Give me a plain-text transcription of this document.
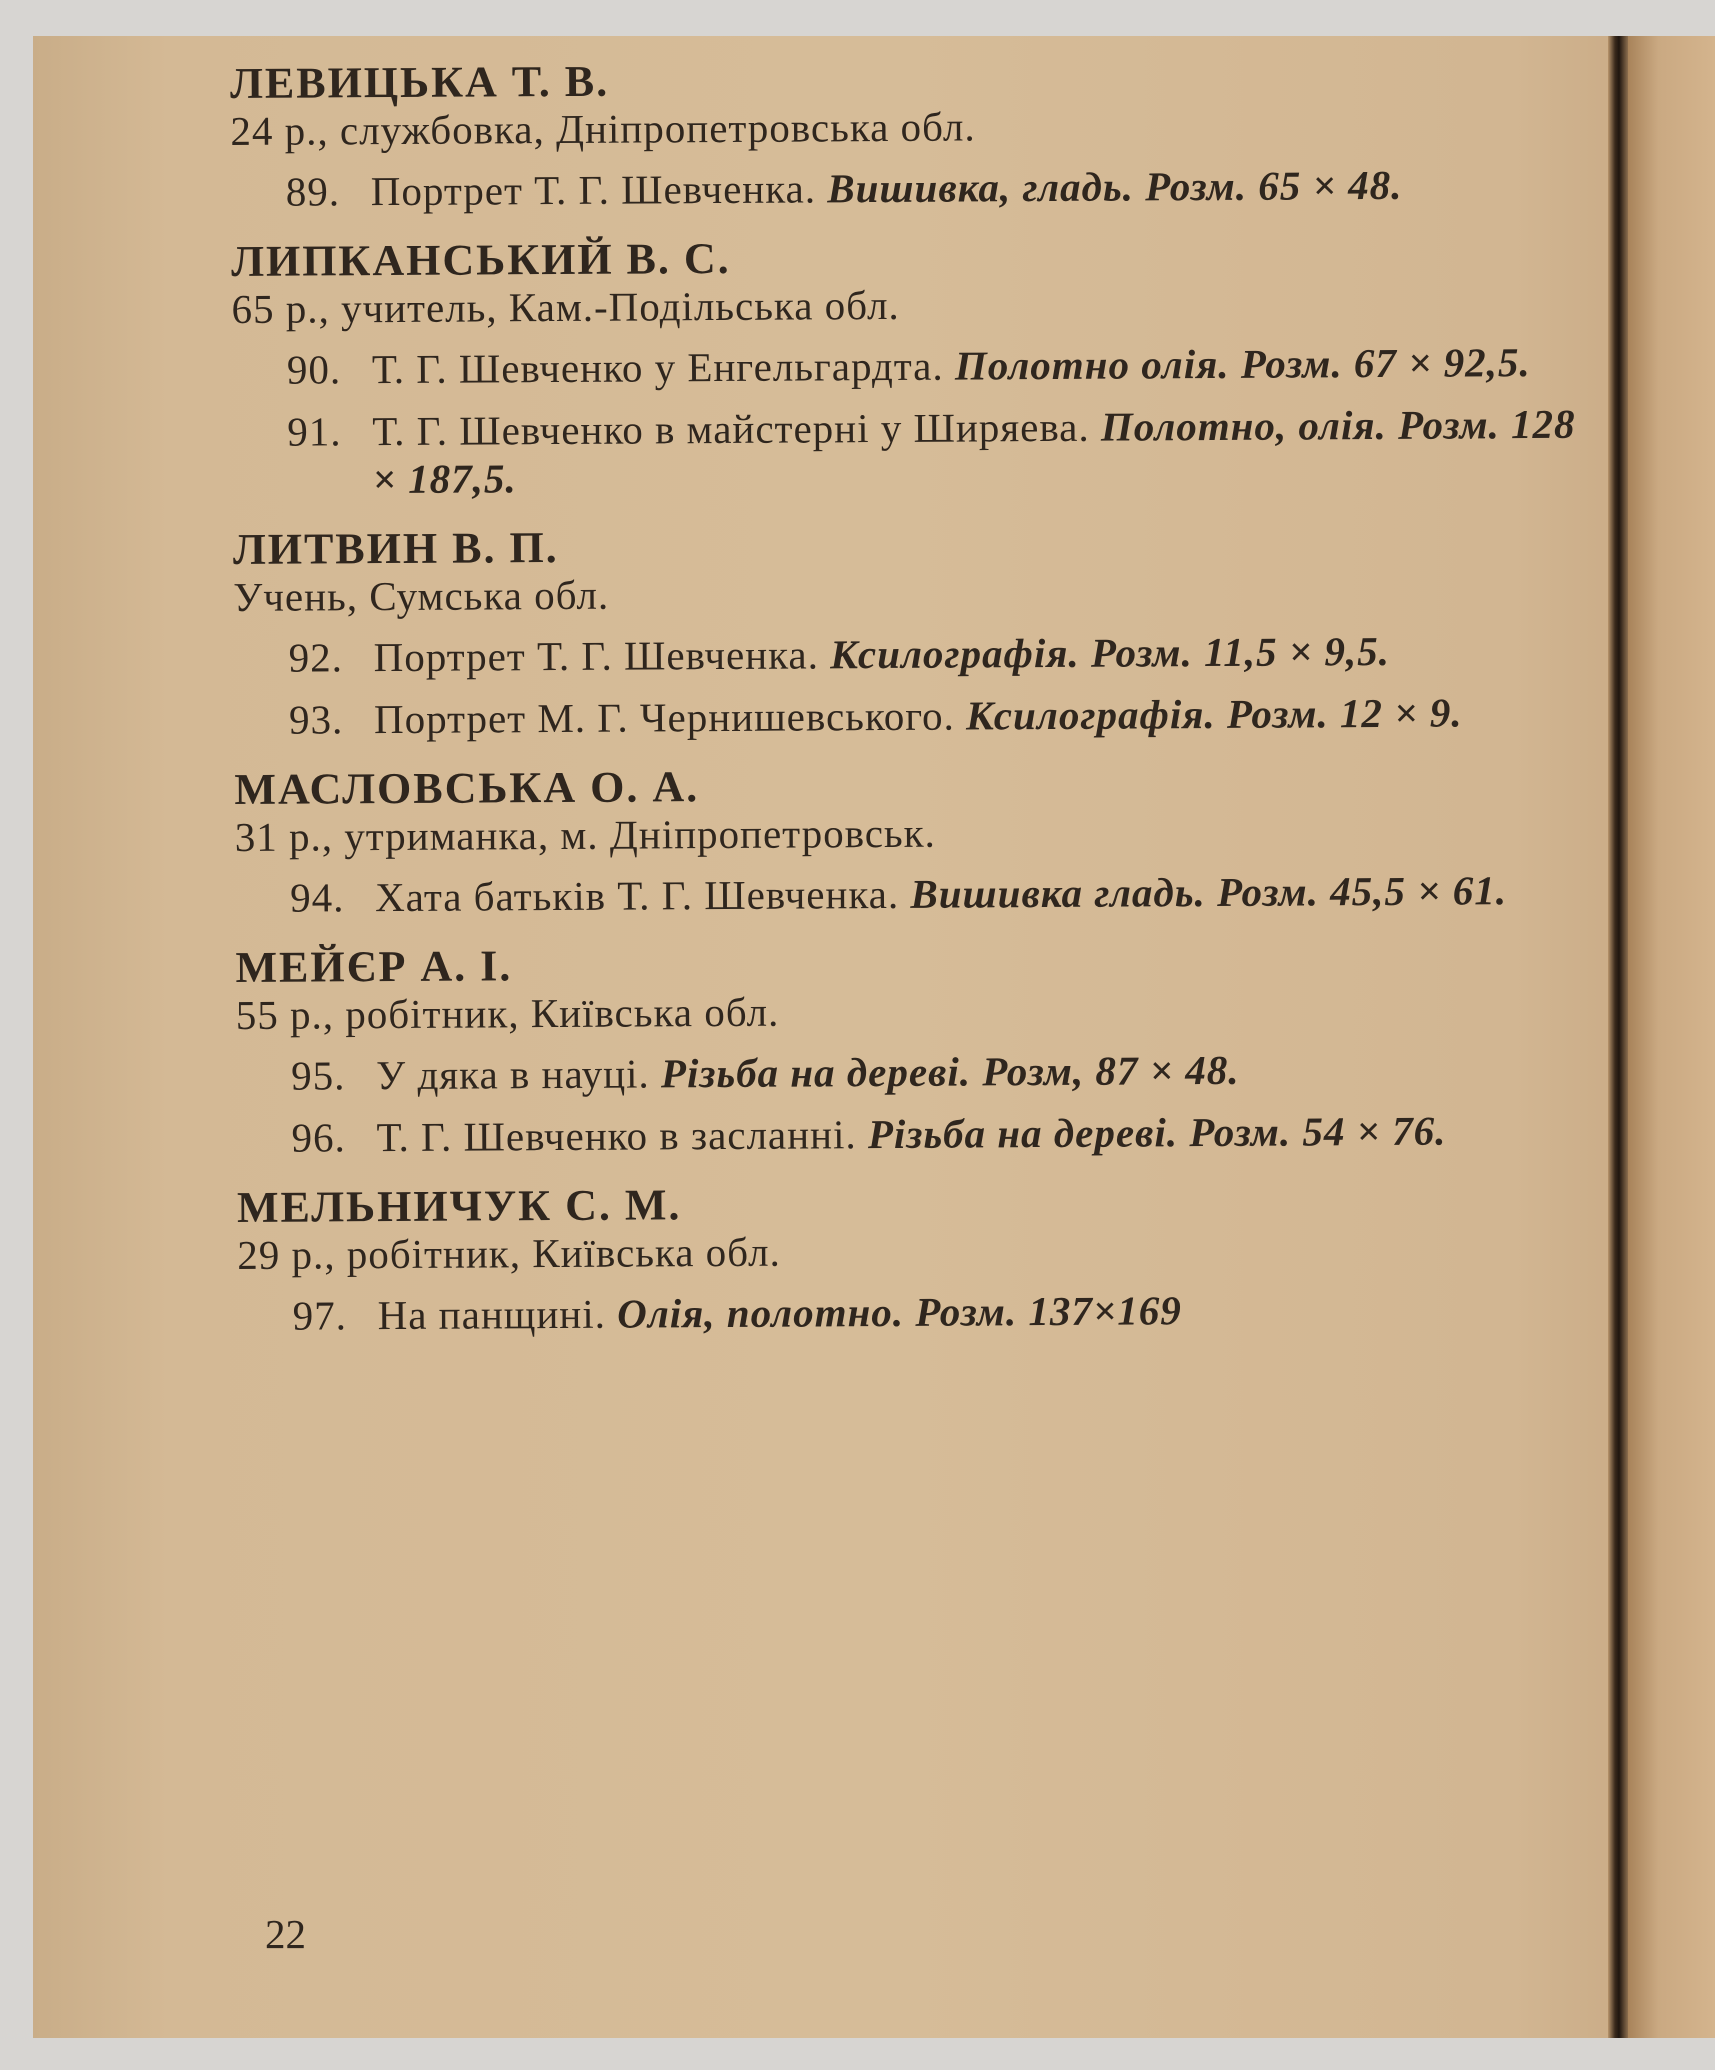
ЛЕВИЦЬКА Т. В.
24 р., службовка, Дніпропетровська обл.
89. Портрет Т. Г. Шевченка. Вишивка, гладь. Розм. 65 × 48.
ЛИПКАНСЬКИЙ В. С.
65 р., учитель, Кам.-Подільська обл.
90. Т. Г. Шевченко у Енгельгардта. Полотно олія. Розм. 67 × 92,5.
91. Т. Г. Шевченко в майстерні у Ширяева. Полотно, олія. Розм. 128 × 187,5.
ЛИТВИН В. П.
Учень, Сумська обл.
92. Портрет Т. Г. Шевченка. Ксилографія. Розм. 11,5 × 9,5.
93. Портрет М. Г. Чернишевського. Ксилографія. Розм. 12 × 9.
МАСЛОВСЬКА О. А.
31 р., утриманка, м. Дніпропетровськ.
94. Хата батьків Т. Г. Шевченка. Вишивка гладь. Розм. 45,5 × 61.
МЕЙЄР А. І.
55 р., робітник, Київська обл.
95. У дяка в науці. Різьба на дереві. Розм, 87 × 48.
96. Т. Г. Шевченко в засланні. Різьба на дереві. Розм. 54 × 76.
МЕЛЬНИЧУК С. М.
29 р., робітник, Київська обл.
97. На панщині. Олія, полотно. Розм. 137×169
22
